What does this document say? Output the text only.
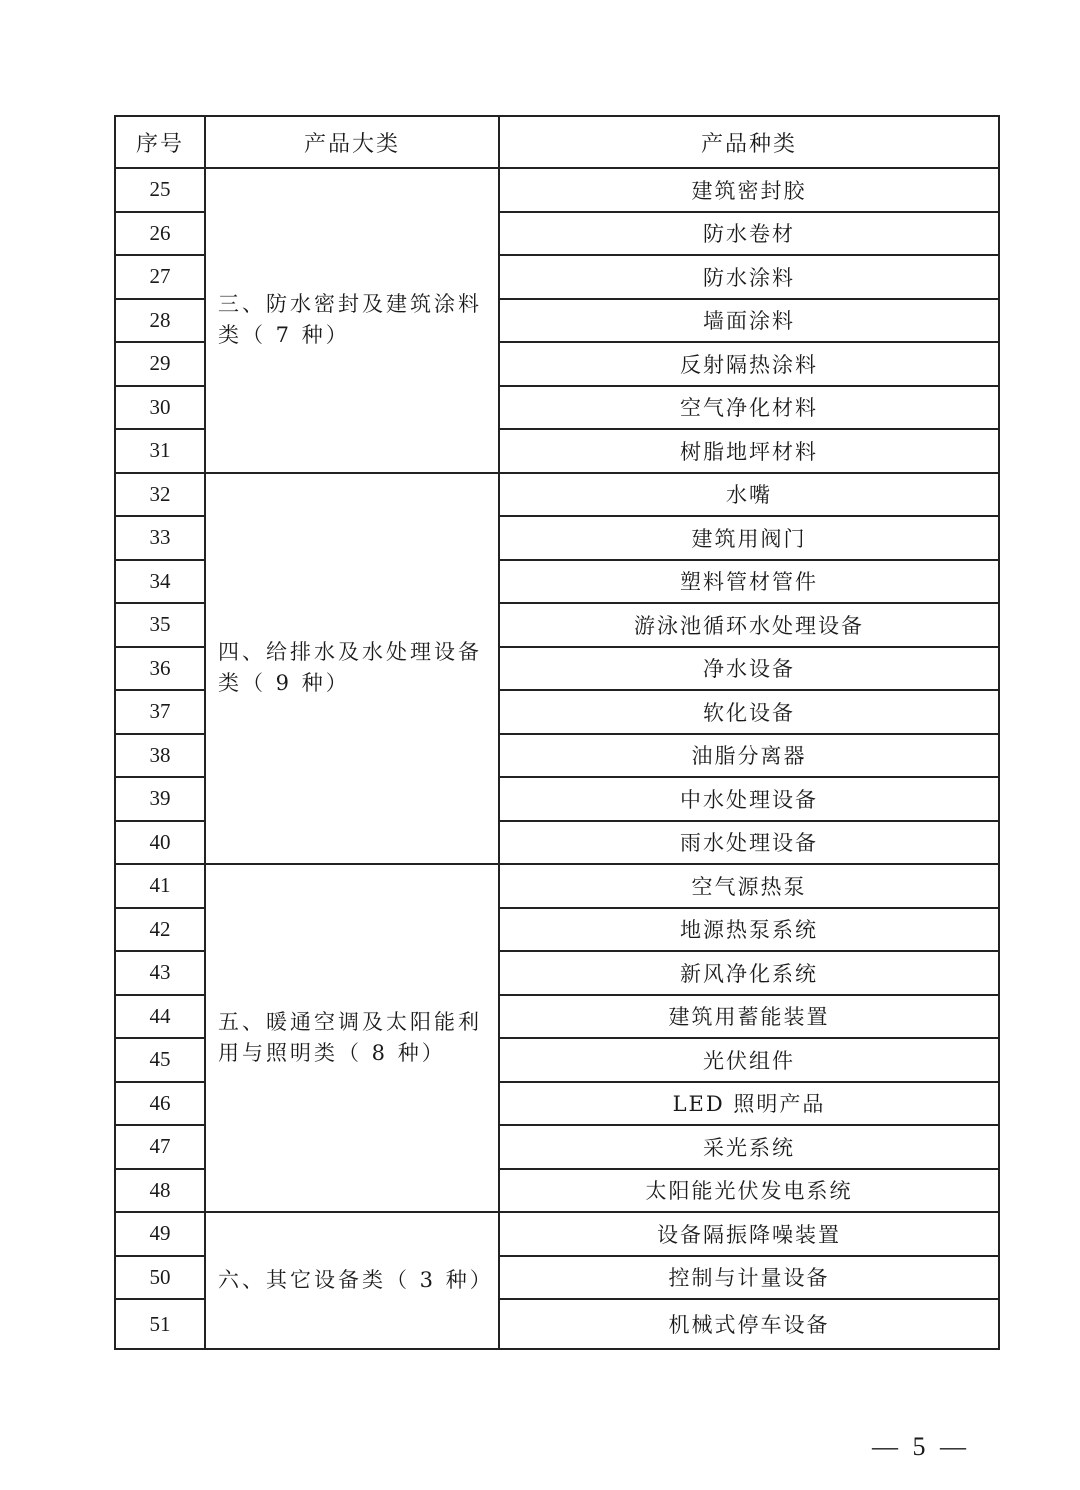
序号	产品大类	产品种类
25	三、防水密封及建筑涂料类（ 7 种）	建筑密封胶
26		防水卷材
27		防水涂料
28		墙面涂料
29		反射隔热涂料
30		空气净化材料
31		树脂地坪材料
32	四、给排水及水处理设备类（ 9 种）	水嘴
33		建筑用阀门
34		塑料管材管件
35		游泳池循环水处理设备
36		净水设备
37		软化设备
38		油脂分离器
39		中水处理设备
40		雨水处理设备
41	五、暖通空调及太阳能利用与照明类（ 8 种）	空气源热泵
42		地源热泵系统
43		新风净化系统
44		建筑用蓄能装置
45		光伏组件
46		LED 照明产品
47		采光系统
48		太阳能光伏发电系统
49	六、其它设备类（ 3 种）	设备隔振降噪装置
50		控制与计量设备
51		机械式停车设备
— 5 —
